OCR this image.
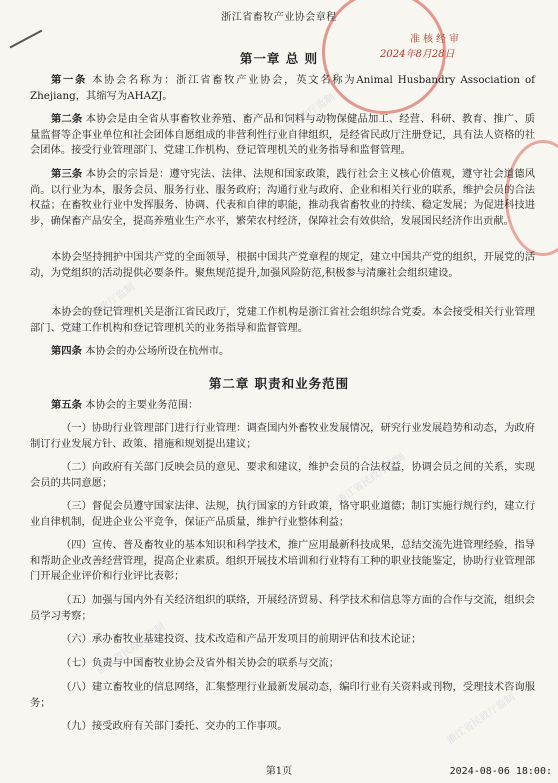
浙江省畜牧产业协会章程
准核经审
2024年8月28日
第一章 总 则
第一条 本协会名称为：浙江省畜牧产业协会，英文名称为Animal Husbandry Association of Zhejiang，其缩写为AHAZJ。
第二条 本协会是由全省从事畜牧业养殖、畜产品和饲料与动物保健品加工、经营、科研、教育、推广、质量监督等企事业单位和社会团体自愿组成的非营利性行业自律组织，是经省民政厅注册登记，具有法人资格的社会团体。接受行业管理部门、党建工作机构、登记管理机关的业务指导和监督管理。
第三条 本协会的宗旨是：遵守宪法、法律、法规和国家政策，践行社会主义核心价值观，遵守社会道德风尚。以行业为本，服务会员、服务行业、服务政府；沟通行业与政府、企业和相关行业的联系，维护会员的合法权益；在畜牧业行业中发挥服务、协调、代表和自律的职能，推动我省畜牧业的持续、稳定发展；为促进科技进步，确保畜产品安全，提高养殖业生产水平，繁荣农村经济，保障社会有效供给，发展国民经济作出贡献。
本协会坚持拥护中国共产党的全面领导，根据中国共产党章程的规定，建立中国共产党的组织，开展党的活动，为党组织的活动提供必要条件。聚焦规范提升,加强风险防范,积极参与清廉社会组织建设。
本协会的登记管理机关是浙江省民政厅，党建工作机构是浙江省社会组织综合党委。本会接受相关行业管理部门、党建工作机构和登记管理机关的业务指导和监督管理。
第四条 本协会的办公场所设在杭州市。
第二章 职责和业务范围
第五条 本协会的主要业务范围：
（一）协助行业管理部门进行行业管理：调查国内外畜牧业发展情况，研究行业发展趋势和动态，为政府制订行业发展方针、政策、措施和规划提出建议；
（二）向政府有关部门反映会员的意见、要求和建议，维护会员的合法权益，协调会员之间的关系，实现会员的共同意愿；
（三）督促会员遵守国家法律、法规，执行国家的方针政策，恪守职业道德；制订实施行规行约，建立行业自律机制，促进企业公平竞争，保证产品质量，维护行业整体利益；
（四）宣传、普及畜牧业的基本知识和科学技术，推广应用最新科技成果，总结交流先进管理经验，指导和帮助企业改善经营管理，提高企业素质。组织开展技术培训和行业特有工种的职业技能鉴定，协助行业管理部门开展企业评价和行业评比表彰；
（五）加强与国内外有关经济组织的联络，开展经济贸易、科学技术和信息等方面的合作与交流，组织会员学习考察；
（六）承办畜牧业基建投资、技术改造和产品开发项目的前期评估和技术论证；
（七）负责与中国畜牧业协会及省外相关协会的联系与交流；
（八）建立畜牧业的信息网络，汇集整理行业最新发展动态，编印行业有关资料或刊物，受理技术咨询服务；
（九）接受政府有关部门委托、交办的工作事项。
浙江省民政厅监制
浙江省民政厅监制
浙江省民政厅监制
浙江省民政厅监制
浙江省民政厅监制
第1页	2024-08-06 18:00:
